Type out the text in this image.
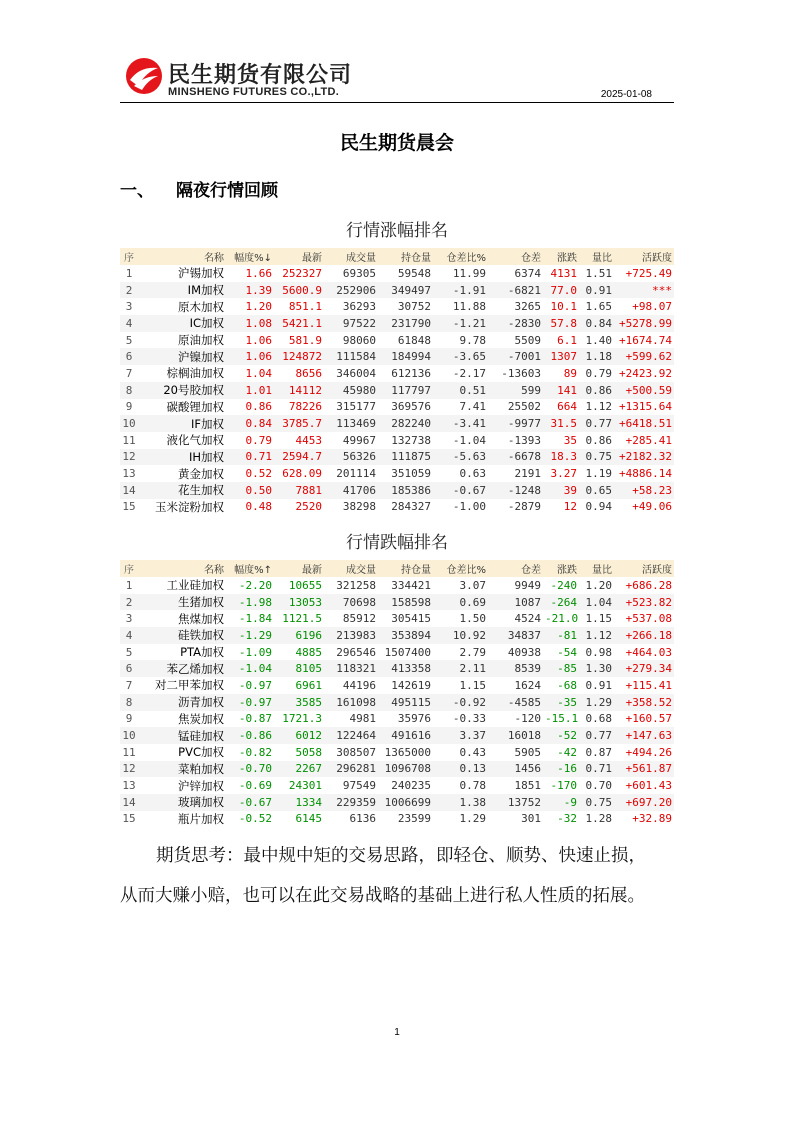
民生期货有限公司
MINSHENG FUTURES CO.,LTD.	2025-01-08
民生期货晨会
一、 隔夜行情回顾
行情涨幅排名
序	名称	幅度%↓	最新	成交量	持仓量	仓差比%	仓差	涨跌	量比	活跃度
1	沪锡加权	1.66	252327	69305	59548	11.99	6374	4131	1.51	+725.49
2	IM加权	1.39	5600.9	252906	349497	-1.91	-6821	77.0	0.91	***
3	原木加权	1.20	851.1	36293	30752	11.88	3265	10.1	1.65	+98.07
4	IC加权	1.08	5421.1	97522	231790	-1.21	-2830	57.8	0.84	+5278.99
5	原油加权	1.06	581.9	98060	61848	9.78	5509	6.1	1.40	+1674.74
6	沪镍加权	1.06	124872	111584	184994	-3.65	-7001	1307	1.18	+599.62
7	棕榈油加权	1.04	8656	346004	612136	-2.17	-13603	89	0.79	+2423.92
8	20号胶加权	1.01	14112	45980	117797	0.51	599	141	0.86	+500.59
9	碳酸锂加权	0.86	78226	315177	369576	7.41	25502	664	1.12	+1315.64
10	IF加权	0.84	3785.7	113469	282240	-3.41	-9977	31.5	0.77	+6418.51
11	液化气加权	0.79	4453	49967	132738	-1.04	-1393	35	0.86	+285.41
12	IH加权	0.71	2594.7	56326	111875	-5.63	-6678	18.3	0.75	+2182.32
13	黄金加权	0.52	628.09	201114	351059	0.63	2191	3.27	1.19	+4886.14
14	花生加权	0.50	7881	41706	185386	-0.67	-1248	39	0.65	+58.23
15	玉米淀粉加权	0.48	2520	38298	284327	-1.00	-2879	12	0.94	+49.06
行情跌幅排名
序	名称	幅度%↑	最新	成交量	持仓量	仓差比%	仓差	涨跌	量比	活跃度
1	工业硅加权	-2.20	10655	321258	334421	3.07	9949	-240	1.20	+686.28
2	生猪加权	-1.98	13053	70698	158598	0.69	1087	-264	1.04	+523.82
3	焦煤加权	-1.84	1121.5	85912	305415	1.50	4524	-21.0	1.15	+537.08
4	硅铁加权	-1.29	6196	213983	353894	10.92	34837	-81	1.12	+266.18
5	PTA加权	-1.09	4885	296546	1507400	2.79	40938	-54	0.98	+464.03
6	苯乙烯加权	-1.04	8105	118321	413358	2.11	8539	-85	1.30	+279.34
7	对二甲苯加权	-0.97	6961	44196	142619	1.15	1624	-68	0.91	+115.41
8	沥青加权	-0.97	3585	161098	495115	-0.92	-4585	-35	1.29	+358.52
9	焦炭加权	-0.87	1721.3	4981	35976	-0.33	-120	-15.1	0.68	+160.57
10	锰硅加权	-0.86	6012	122464	491616	3.37	16018	-52	0.77	+147.63
11	PVC加权	-0.82	5058	308507	1365000	0.43	5905	-42	0.87	+494.26
12	菜粕加权	-0.70	2267	296281	1096708	0.13	1456	-16	0.71	+561.87
13	沪锌加权	-0.69	24301	97549	240235	0.78	1851	-170	0.70	+601.43
14	玻璃加权	-0.67	1334	229359	1006699	1.38	13752	-9	0.75	+697.20
15	瓶片加权	-0.52	6145	6136	23599	1.29	301	-32	1.28	+32.89
期货思考：最中规中矩的交易思路，即轻仓、顺势、快速止损，
从而大赚小赔，也可以在此交易战略的基础上进行私人性质的拓展。
1
